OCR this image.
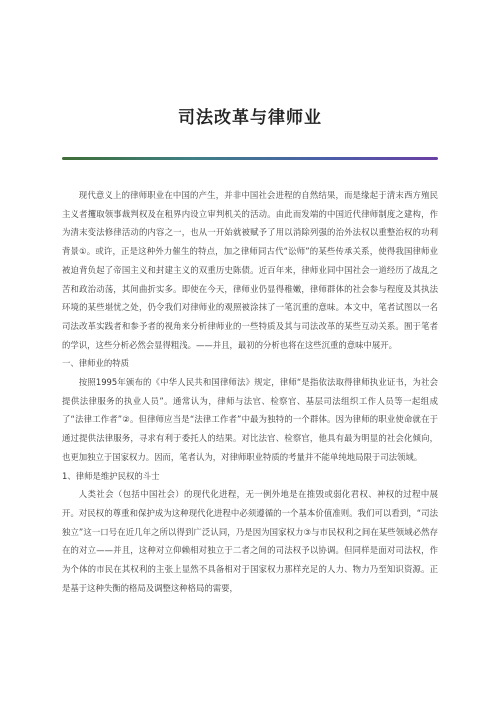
司法改革与律师业

现代意义上的律师职业在中国的产生，并非中国社会进程的自然结果，而是缘起于清末西方殖民主义者攫取领事裁判权及在租界内设立审判机关的活动。由此而发端的中国近代律师制度之建构，作为清末变法修律活动的内容之一，也从一开始就被赋予了用以消除列强的治外法权以重整治权的功利背景①。或许，正是这种外力催生的特点，加之律师同古代“讼师”的某些传承关系，使得我国律师业被迫背负起了帝国主义和封建主义的双重历史陈债。近百年来，律师业同中国社会一道经历了战乱之苦和政治动荡，其间曲折实多。即使在今天，律师业仍显得稚嫩，律师群体的社会参与程度及其执法环境的某些堪忧之处，仍令我们对律师业的观照被涂抹了一笔沉重的意味。本文中，笔者试图以一名司法改革实践者和参予者的视角来分析律师业的一些特质及其与司法改革的某些互动关系。囿于笔者的学识，这些分析必然会显得粗浅。——并且，最初的分析也将在这些沉重的意味中展开。

一、律师业的特质

按照1995年颁布的《中华人民共和国律师法》规定，律师“是指依法取得律师执业证书，为社会提供法律服务的执业人员”。通常认为，律师与法官、检察官、基层司法组织工作人员等一起组成了“法律工作者”②。但律师应当是“法律工作者”中最为独特的一个群体。因为律师的职业使命就在于通过提供法律服务，寻求有利于委托人的结果。对比法官、检察官，他具有最为明显的社会化倾向，也更加独立于国家权力。因而，笔者认为，对律师职业特质的考量并不能单纯地局限于司法领域。

1、律师是维护民权的斗士

人类社会（包括中国社会）的现代化进程，无一例外地是在推毁或弱化君权、神权的过程中展开。对民权的尊重和保护成为这种现代化进程中必须遵循的一个基本价值准则。我们可以看到，“司法独立”这一口号在近几年之所以得到广泛认同，乃是因为国家权力③与市民权利之间在某些领域必然存在的对立——并且，这种对立仰赖相对独立于二者之间的司法权予以协调。但同样是面对司法权，作为个体的市民在其权利的主张上显然不具备相对于国家权力那样充足的人力、物力乃至知识资源。正是基于这种失衡的格局及调整这种格局的需要，
